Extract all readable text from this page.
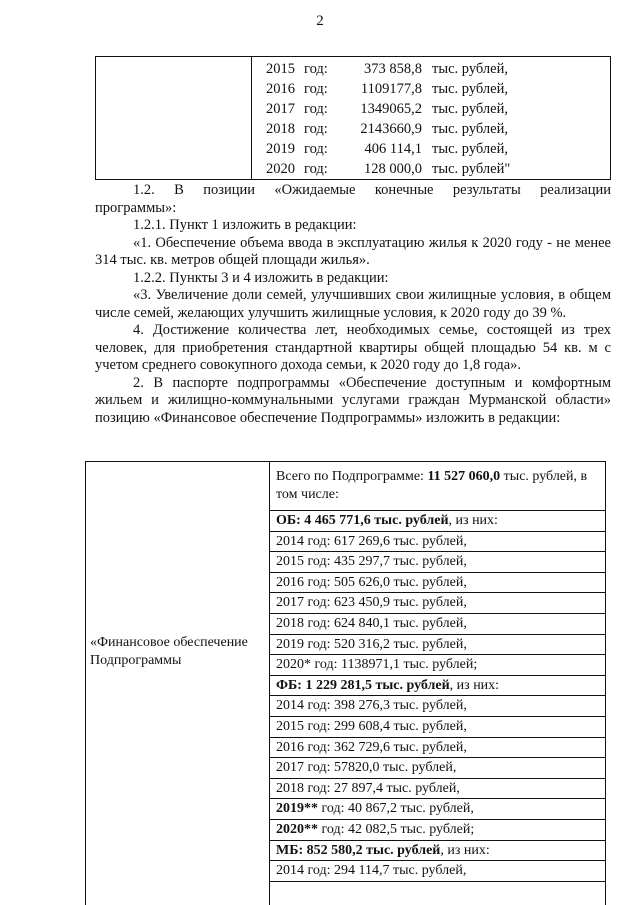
2
2015 год:	373 858,8 тыс. рублей,
2016 год:	1109177,8 тыс. рублей,
2017 год:	1349065,2 тыс. рублей,
2018 год:	2143660,9 тыс. рублей,
2019 год:	406 114,1 тыс. рублей,
2020 год:	128 000,0 тыс. рублей"

1.2. В позиции «Ожидаемые конечные результаты реализации

программы»:

1.2.1. Пункт 1 изложить в редакции:

«1. Обеспечение объема ввода в эксплуатацию жилья к 2020 году - не менее 314 тыс. кв. метров общей площади жилья».

1.2.2. Пункты 3 и 4 изложить в редакции:

«3. Увеличение доли семей, улучшивших свои жилищные условия, в общем числе семей, желающих улучшить жилищные условия, к 2020 году до 39 %.

4. Достижение количества лет, необходимых семье, состоящей из трех человек, для приобретения стандартной квартиры общей площадью 54 кв. м с учетом среднего совокупного дохода семьи, к 2020 году до 1,8 года».

2. В паспорте подпрограммы «Обеспечение доступным и комфортным жильем и жилищно-коммунальными услугами граждан Мурманской области» позицию «Финансовое обеспечение Подпрограммы» изложить в редакции:

«Финансовое обеспечение Подпрограммы
Всего по Подпрограмме: 11 527 060,0 тыс. рублей, в том числе:
ОБ: 4 465 771,6 тыс. рублей, из них:
2014 год: 617 269,6 тыс. рублей,
2015 год: 435 297,7 тыс. рублей,
2016 год: 505 626,0 тыс. рублей,
2017 год: 623 450,9 тыс. рублей,
2018 год: 624 840,1 тыс. рублей,
2019 год: 520 316,2 тыс. рублей,
2020* год: 1138971,1 тыс. рублей;
ФБ: 1 229 281,5 тыс. рублей, из них:
2014 год: 398 276,3 тыс. рублей,
2015 год: 299 608,4 тыс. рублей,
2016 год: 362 729,6 тыс. рублей,
2017 год: 57820,0 тыс. рублей,
2018 год: 27 897,4 тыс. рублей,
2019** год: 40 867,2 тыс. рублей,
2020** год: 42 082,5 тыс. рублей;
МБ: 852 580,2 тыс. рублей, из них:
2014 год: 294 114,7 тыс. рублей,
